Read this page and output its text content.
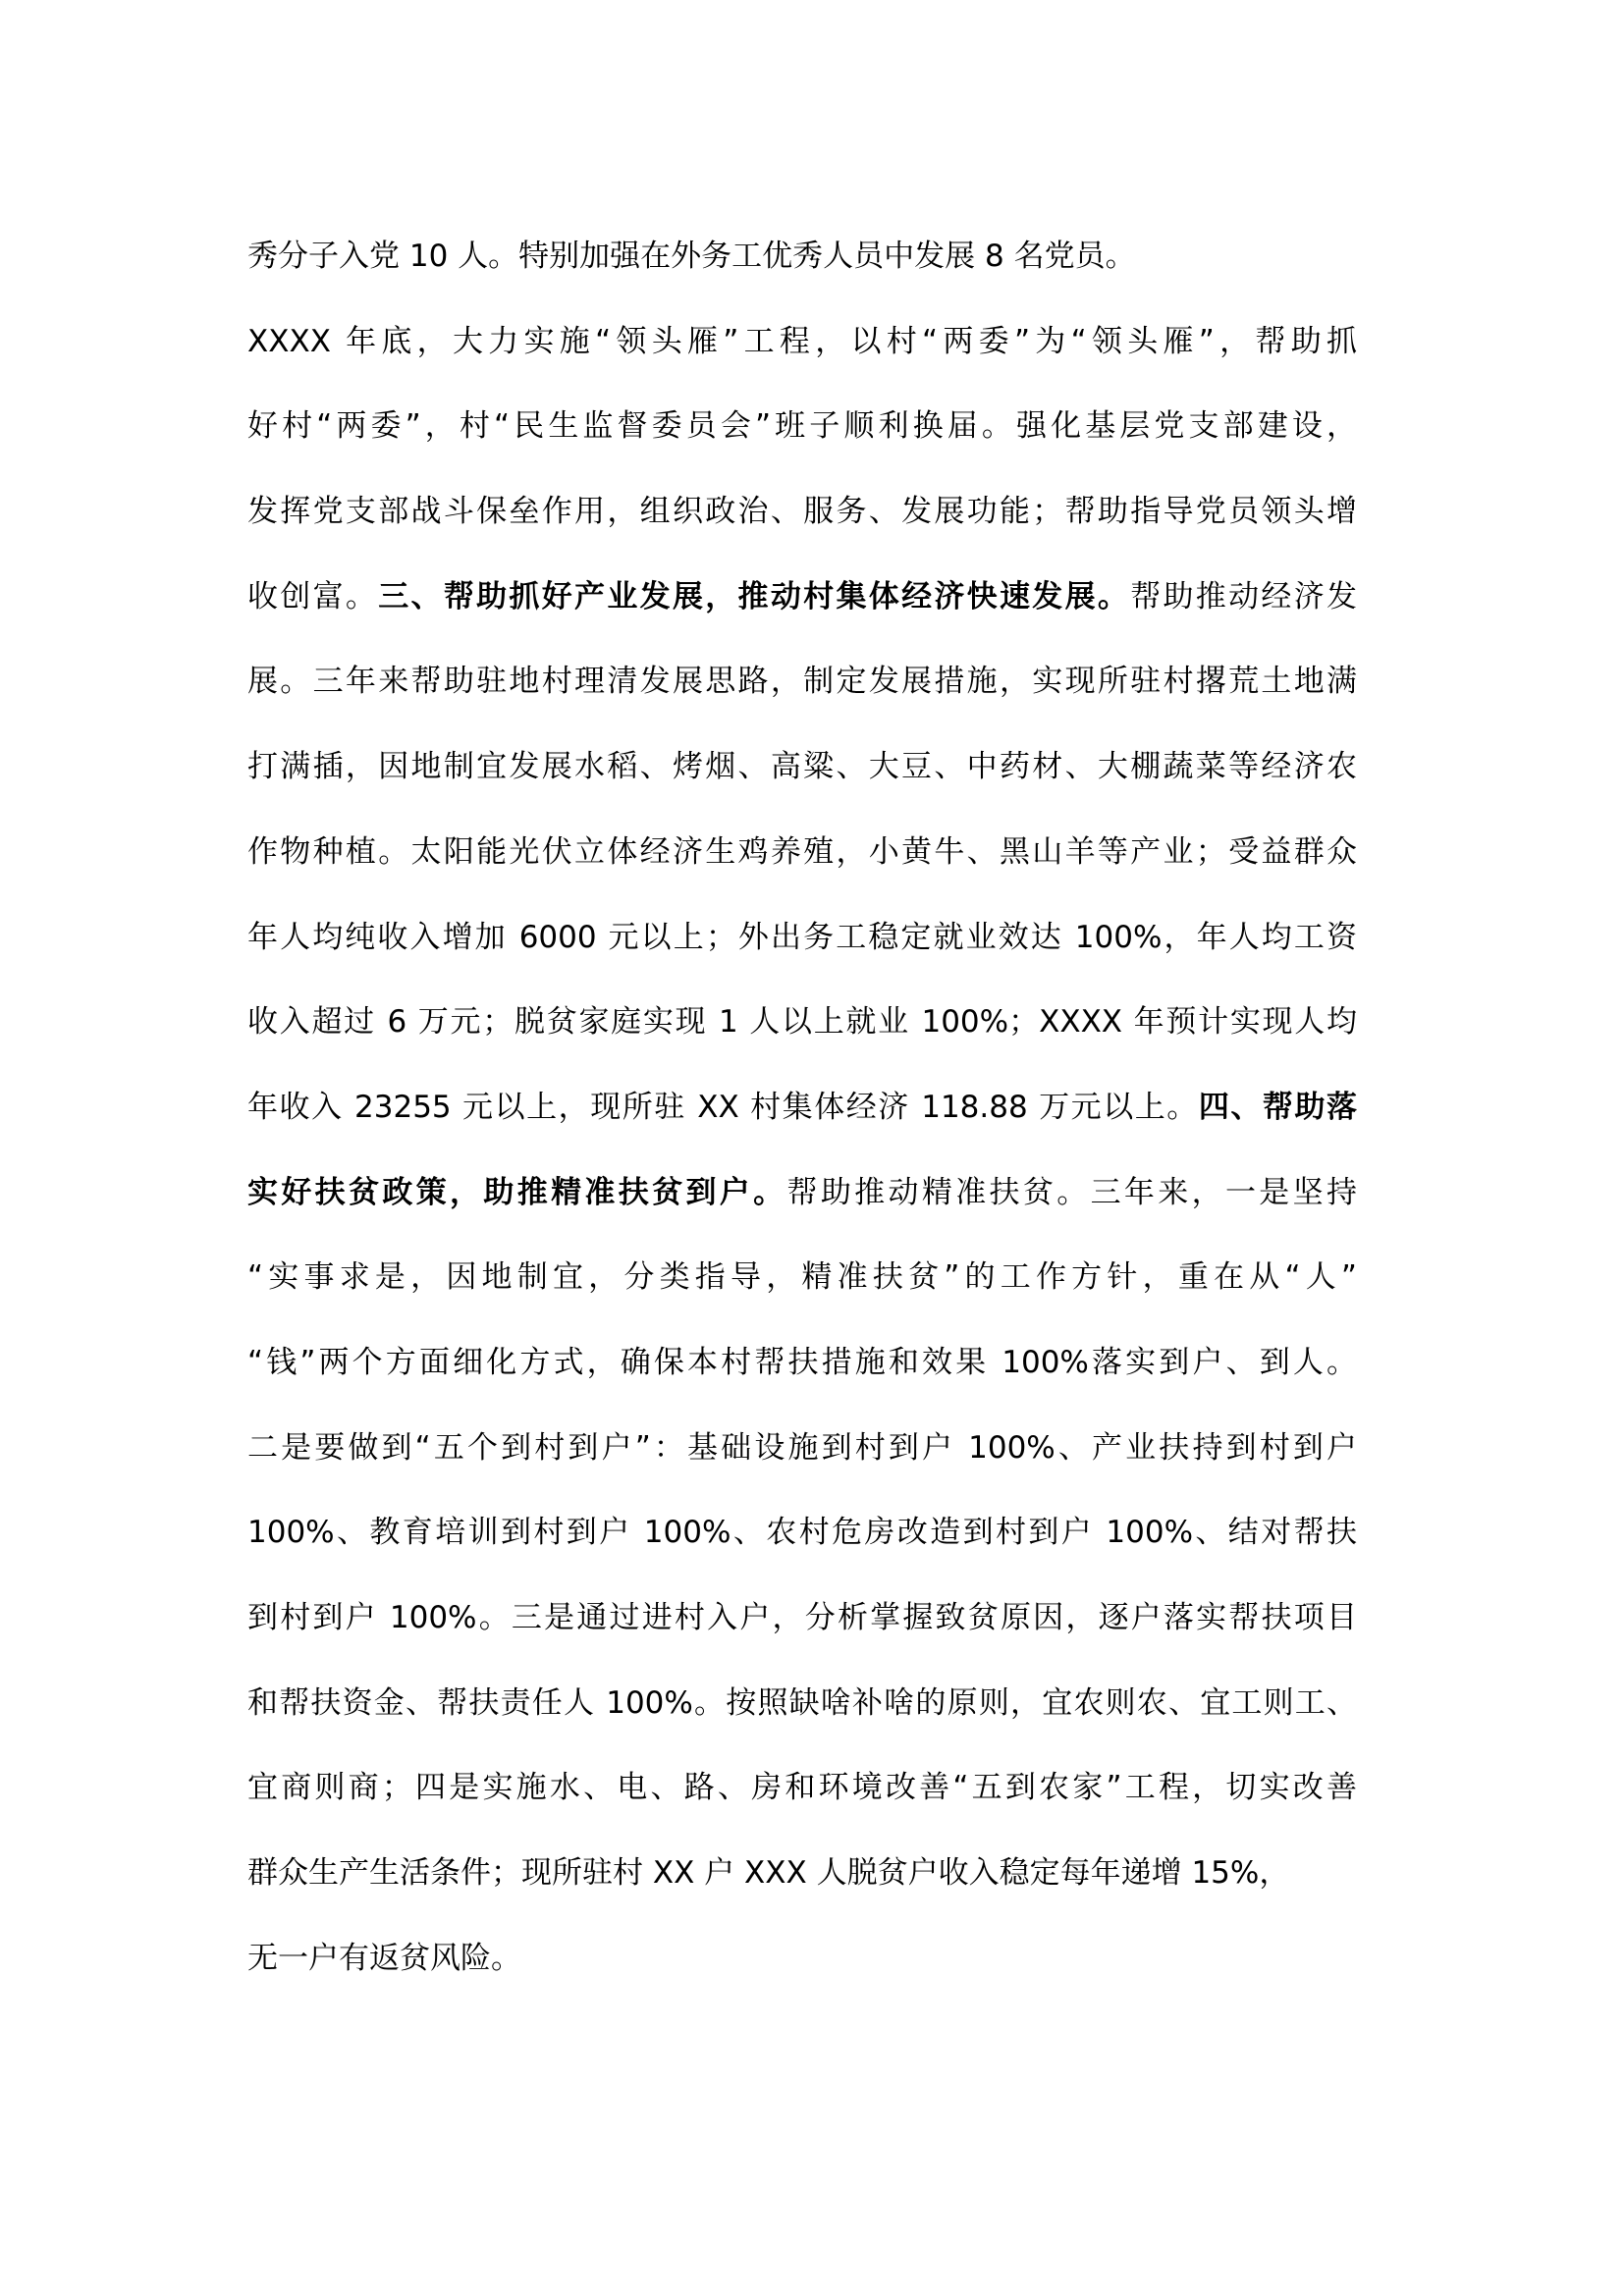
秀分子入党 10 人。特别加强在外务工优秀人员中发展 8 名党员。
XXXX 年底，大力实施“领头雁”工程，以村“两委”为“领头雁”，帮助抓
好村“两委”，村“民生监督委员会”班子顺利换届。强化基层党支部建设，
发挥党支部战斗保垒作用，组织政治、服务、发展功能；帮助指导党员领头增
收创富。三、帮助抓好产业发展，推动村集体经济快速发展。帮助推动经济发
展。三年来帮助驻地村理清发展思路，制定发展措施，实现所驻村撂荒土地满
打满插，因地制宜发展水稻、烤烟、高粱、大豆、中药材、大棚蔬菜等经济农
作物种植。太阳能光伏立体经济生鸡养殖，小黄牛、黑山羊等产业；受益群众
年人均纯收入增加 6000 元以上；外出务工稳定就业效达 100%，年人均工资
收入超过 6 万元；脱贫家庭实现 1 人以上就业 100%；XXXX 年预计实现人均
年收入 23255 元以上，现所驻 XX 村集体经济 118.88 万元以上。四、帮助落
实好扶贫政策，助推精准扶贫到户。帮助推动精准扶贫。三年来，一是坚持
“实事求是，因地制宜，分类指导，精准扶贫”的工作方针，重在从“人”
“钱”两个方面细化方式，确保本村帮扶措施和效果 100%落实到户、到人。
二是要做到“五个到村到户”：基础设施到村到户 100%、产业扶持到村到户
100%、教育培训到村到户 100%、农村危房改造到村到户 100%、结对帮扶
到村到户 100%。三是通过进村入户，分析掌握致贫原因，逐户落实帮扶项目
和帮扶资金、帮扶责任人 100%。按照缺啥补啥的原则，宜农则农、宜工则工、
宜商则商；四是实施水、电、路、房和环境改善“五到农家”工程，切实改善
群众生产生活条件；现所驻村 XX 户 XXX 人脱贫户收入稳定每年递增 15%，
无一户有返贫风险。
